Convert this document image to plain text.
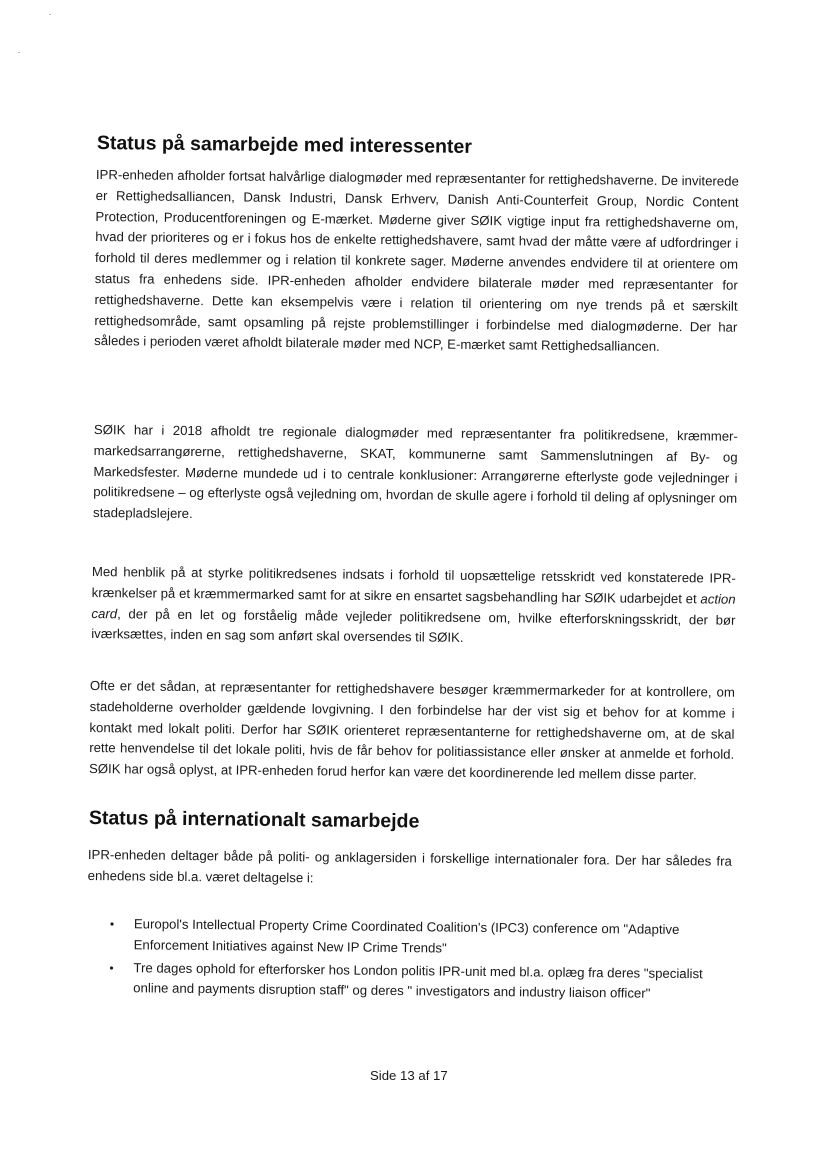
Status på samarbejde med interessenter

IPR-enheden afholder fortsat halvårlige dialogmøder med repræsentanter for rettighedshaverne. De inviterede er Rettighedsalliancen, Dansk Industri, Dansk Erhverv, Danish Anti-Counterfeit Group, Nordic Content Protection, Producentforeningen og E-mærket. Møderne giver SØIK vigtige input fra rettighedshaverne om, hvad der prioriteres og er i fokus hos de enkelte rettighedshavere, samt hvad der måtte være af udfordringer i forhold til deres medlemmer og i relation til konkrete sager. Møderne anvendes endvidere til at orientere om status fra enhedens side. IPR-enheden afholder endvidere bilaterale møder med repræsentanter for rettighedshaverne. Dette kan eksempelvis være i relation til orientering om nye trends på et særskilt rettighedsområde, samt opsamling på rejste problemstillinger i forbindelse med dialogmøderne. Der har således i perioden været afholdt bilaterale møder med NCP, E-mærket samt Rettighedsalliancen.

SØIK har i 2018 afholdt tre regionale dialogmøder med repræsentanter fra politikredsene, kræmmer-markedsarrangørerne, rettighedshaverne, SKAT, kommunerne samt Sammenslutningen af By- og Markedsfester. Møderne mundede ud i to centrale konklusioner: Arrangørerne efterlyste gode vejledninger i politikredsene – og efterlyste også vejledning om, hvordan de skulle agere i forhold til deling af oplysninger om stadepladslejere.

Med henblik på at styrke politikredsenes indsats i forhold til uopsættelige retsskridt ved konstaterede IPR-krænkelser på et kræmmermarked samt for at sikre en ensartet sagsbehandling har SØIK udarbejdet et action card, der på en let og forståelig måde vejleder politikredsene om, hvilke efterforskningsskridt, der bør iværksættes, inden en sag som anført skal oversendes til SØIK.

Ofte er det sådan, at repræsentanter for rettighedshavere besøger kræmmermarkeder for at kontrollere, om stadeholderne overholder gældende lovgivning. I den forbindelse har der vist sig et behov for at komme i kontakt med lokalt politi. Derfor har SØIK orienteret repræsentanterne for rettighedshaverne om, at de skal rette henvendelse til det lokale politi, hvis de får behov for politiassistance eller ønsker at anmelde et forhold. SØIK har også oplyst, at IPR-enheden forud herfor kan være det koordinerende led mellem disse parter.

Status på internationalt samarbejde

IPR-enheden deltager både på politi- og anklagersiden i forskellige internationaler fora. Der har således fra enhedens side bl.a. været deltagelse i:

• Europol's Intellectual Property Crime Coordinated Coalition's (IPC3) conference om "Adaptive Enforcement Initiatives against New IP Crime Trends"
• Tre dages ophold for efterforsker hos London politis IPR-unit med bl.a. oplæg fra deres "specialist online and payments disruption staff" og deres " investigators and industry liaison officer"

Side 13 af 17
